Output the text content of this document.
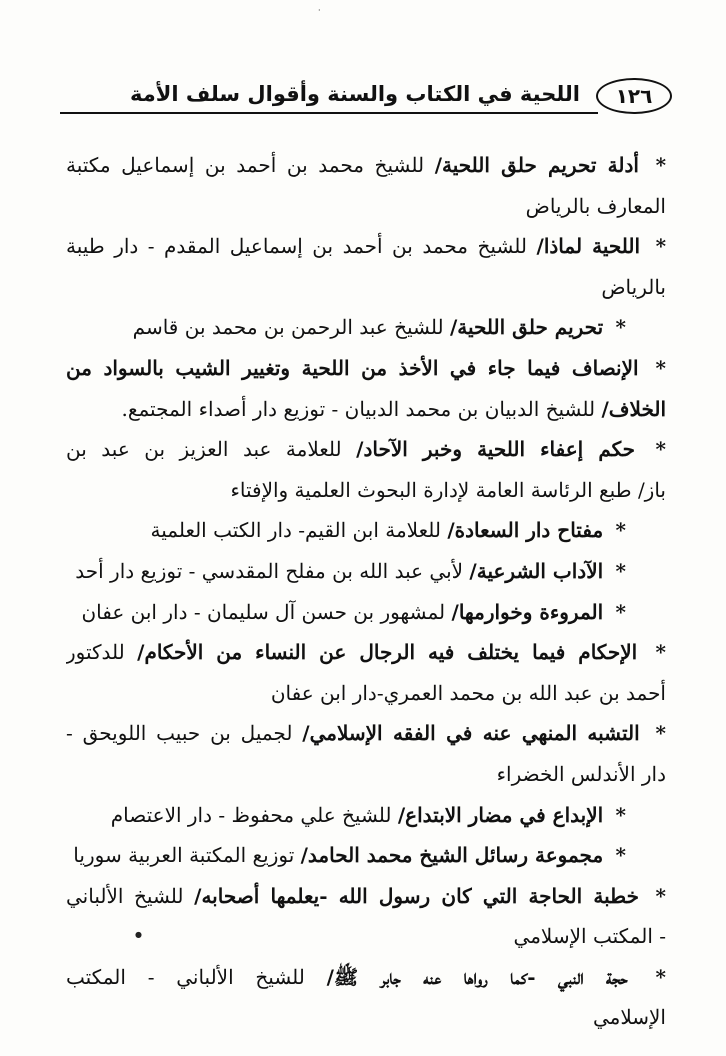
١٢٦
اللحية في الكتاب والسنة وأقوال سلف الأمة
* أدلة تحريم حلق اللحية/ للشيخ محمد بن أحمد بن إسماعيل مكتبة
المعارف بالرياض
* اللحية لماذا/ للشيخ محمد بن أحمد بن إسماعيل المقدم - دار طيبة
بالرياض
* تحريم حلق اللحية/ للشيخ عبد الرحمن بن محمد بن قاسم
* الإنصاف فيما جاء في الأخذ من اللحية وتغيير الشيب بالسواد من
الخلاف/ للشيخ الدبيان بن محمد الدبيان - توزيع دار أصداء المجتمع.
* حكم إعفاء اللحية وخبر الآحاد/ للعلامة عبد العزيز بن عبد بن
باز/ طبع الرئاسة العامة لإدارة البحوث العلمية والإفتاء
* مفتاح دار السعادة/ للعلامة ابن القيم- دار الكتب العلمية
* الآداب الشرعية/ لأبي عبد الله بن مفلح المقدسي - توزيع دار أحد
* المروءة وخوارمها/ لمشهور بن حسن آل سليمان - دار ابن عفان
* الإحكام فيما يختلف فيه الرجال عن النساء من الأحكام/ للدكتور
أحمد بن عبد الله بن محمد العمري-دار ابن عفان
* التشبه المنهي عنه في الفقه الإسلامي/ لجميل بن حبيب اللويحق -
دار الأندلس الخضراء
* الإبداع في مضار الابتداع/ للشيخ علي محفوظ - دار الاعتصام
* مجموعة رسائل الشيخ محمد الحامد/ توزيع المكتبة العربية سوريا
* خطبة الحاجة التي كان رسول الله -يعلمها أصحابه/ للشيخ الألباني
- المكتب الإسلامي
* حجة النبي -كما رواها عنه جابر ﷺ/ للشيخ الألباني - المكتب
الإسلامي
●
·
